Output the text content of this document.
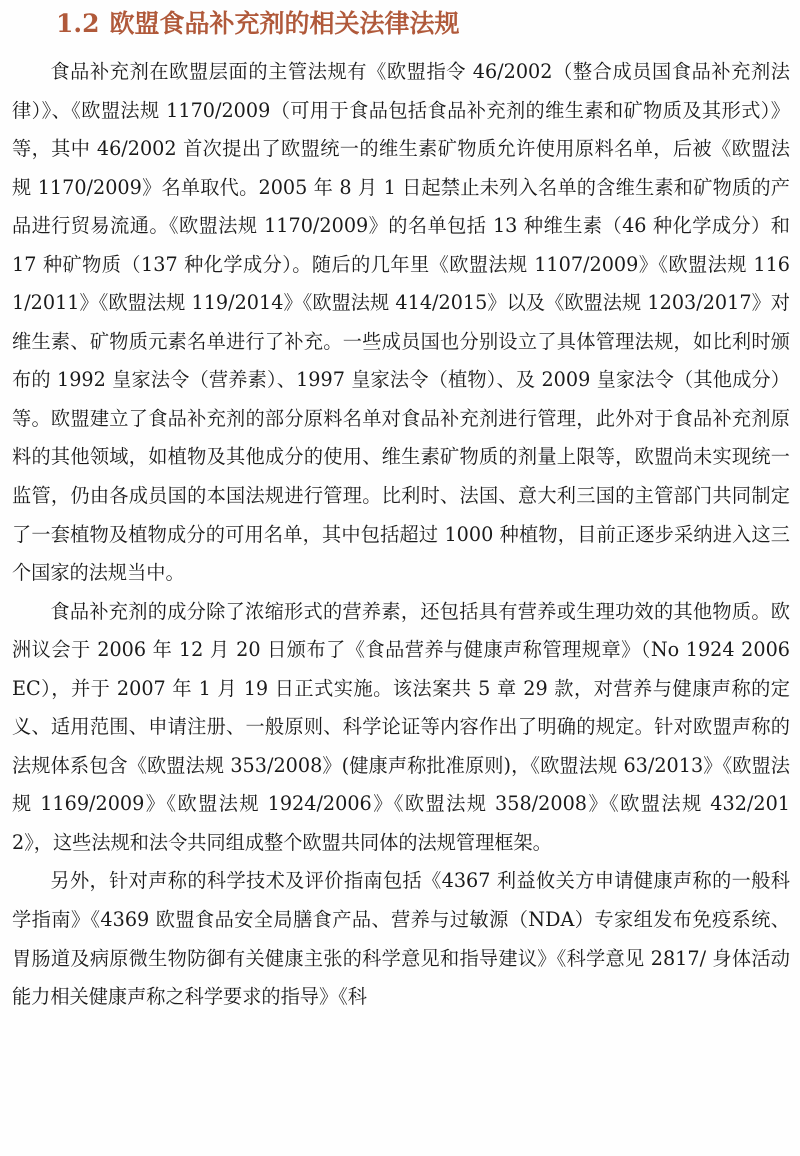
1.2 欧盟食品补充剂的相关法律法规

食品补充剂在欧盟层面的主管法规有《欧盟指令 46/2002（整合成员国食品补充剂法律）》、《欧盟法规 1170/2009（可用于食品包括食品补充剂的维生素和矿物质及其形式）》等，其中 46/2002 首次提出了欧盟统一的维生素矿物质允许使用原料名单，后被《欧盟法规 1170/2009》名单取代。2005 年 8 月 1 日起禁止未列入名单的含维生素和矿物质的产品进行贸易流通。《欧盟法规 1170/2009》的名单包括 13 种维生素（46 种化学成分）和 17 种矿物质（137 种化学成分）。随后的几年里《欧盟法规 1107/2009》《欧盟法规 1161/2011》《欧盟法规 119/2014》《欧盟法规 414/2015》以及《欧盟法规 1203/2017》对维生素、矿物质元素名单进行了补充。一些成员国也分别设立了具体管理法规，如比利时颁布的 1992 皇家法令（营养素）、1997 皇家法令（植物）、及 2009 皇家法令（其他成分）等。欧盟建立了食品补充剂的部分原料名单对食品补充剂进行管理，此外对于食品补充剂原料的其他领域，如植物及其他成分的使用、维生素矿物质的剂量上限等，欧盟尚未实现统一监管，仍由各成员国的本国法规进行管理。比利时、法国、意大利三国的主管部门共同制定了一套植物及植物成分的可用名单，其中包括超过 1000 种植物，目前正逐步采纳进入这三个国家的法规当中。

食品补充剂的成分除了浓缩形式的营养素，还包括具有营养或生理功效的其他物质。欧洲议会于 2006 年 12 月 20 日颁布了《食品营养与健康声称管理规章》（No 1924 2006 EC），并于 2007 年 1 月 19 日正式实施。该法案共 5 章 29 款，对营养与健康声称的定义、适用范围、申请注册、一般原则、科学论证等内容作出了明确的规定。针对欧盟声称的法规体系包含《欧盟法规 353/2008》(健康声称批准原则)，《欧盟法规 63/2013》《欧盟法规 1169/2009》《欧盟法规 1924/2006》《欧盟法规 358/2008》《欧盟法规 432/2012》，这些法规和法令共同组成整个欧盟共同体的法规管理框架。

另外，针对声称的科学技术及评价指南包括《4367 利益攸关方申请健康声称的一般科学指南》《4369 欧盟食品安全局膳食产品、营养与过敏源（NDA）专家组发布免疫系统、胃肠道及病原微生物防御有关健康主张的科学意见和指导建议》《科学意见 2817/ 身体活动能力相关健康声称之科学要求的指导》《科
